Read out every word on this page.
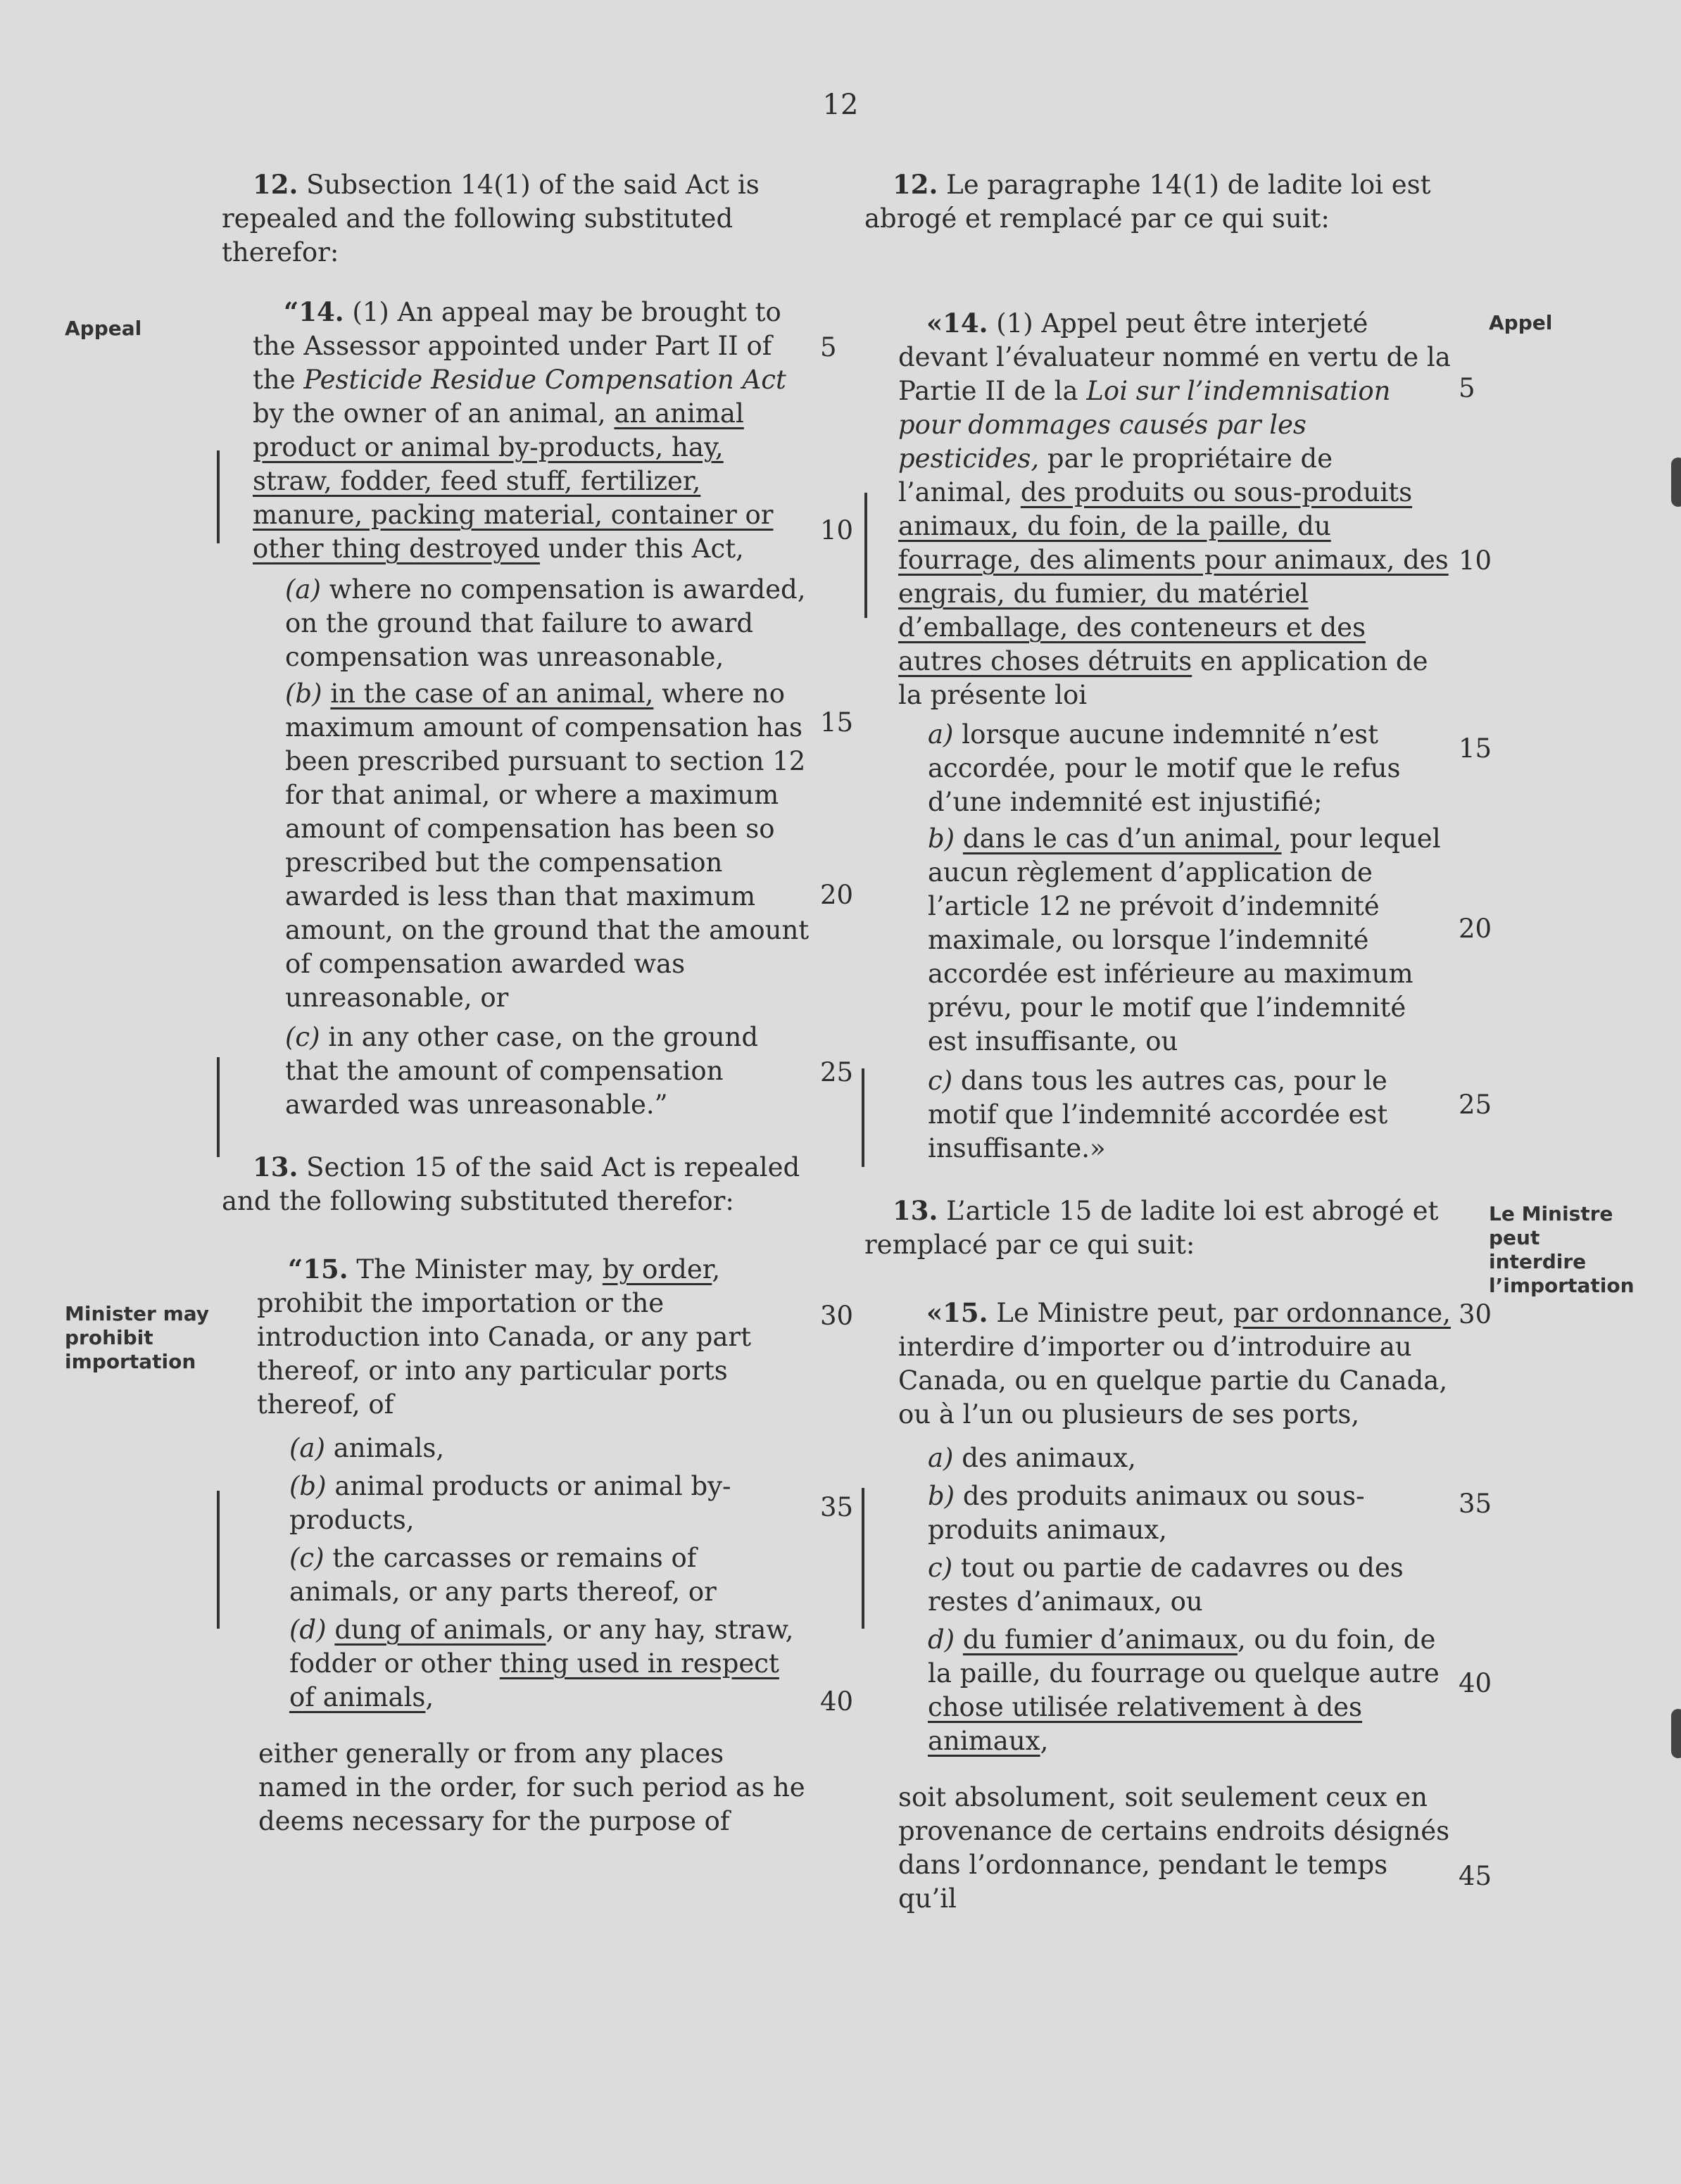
12
Appeal	Appel
Minister may prohibit importation
Le Ministre peut interdire l’importation

12. Subsection 14(1) of the said Act is repealed and the following substituted therefor:

“14. (1) An appeal may be brought to the Assessor appointed under Part II of the Pesticide Residue Compensation Act by the owner of an animal, an animal product or animal by-products, hay, straw, fodder, feed stuff, fertilizer, manure, packing material, container or other thing destroyed under this Act,

(a) where no compensation is awarded, on the ground that failure to award compensation was unreasonable,

(b) in the case of an animal, where no maximum amount of compensation has been prescribed pursuant to section 12 for that animal, or where a maximum amount of compensation has been so prescribed but the compensation awarded is less than that maximum amount, on the ground that the amount of compensation awarded was unreasonable, or

(c) in any other case, on the ground that the amount of compensation awarded was unreasonable.”

13. Section 15 of the said Act is repealed and the following substituted therefor:

“15. The Minister may, by order, prohibit the importation or the introduction into Canada, or any part thereof, or into any particular ports thereof, of

(a) animals,

(b) animal products or animal by-products,

(c) the carcasses or remains of animals, or any parts thereof, or

(d) dung of animals, or any hay, straw, fodder or other thing used in respect of animals,

either generally or from any places named in the order, for such period as he deems necessary for the purpose of

12. Le paragraphe 14(1) de ladite loi est abrogé et remplacé par ce qui suit:

«14. (1) Appel peut être interjeté devant l’évaluateur nommé en vertu de la Partie II de la Loi sur l’indemnisation pour dommages causés par les pesticides, par le propriétaire de l’animal, des produits ou sous-produits animaux, du foin, de la paille, du fourrage, des aliments pour animaux, des engrais, du fumier, du matériel d’emballage, des conteneurs et des autres choses détruits en application de la présente loi

a) lorsque aucune indemnité n’est accordée, pour le motif que le refus d’une indemnité est injustifié;

b) dans le cas d’un animal, pour lequel aucun règlement d’application de l’article 12 ne prévoit d’indemnité maximale, ou lorsque l’indemnité accordée est inférieure au maximum prévu, pour le motif que l’indemnité est insuffisante, ou

c) dans tous les autres cas, pour le motif que l’indemnité accordée est insuffisante.»

13. L’article 15 de ladite loi est abrogé et remplacé par ce qui suit:

«15. Le Ministre peut, par ordonnance, interdire d’importer ou d’introduire au Canada, ou en quelque partie du Canada, ou à l’un ou plusieurs de ses ports,

a) des animaux,

b) des produits animaux ou sous-produits animaux,

c) tout ou partie de cadavres ou des restes d’animaux, ou

d) du fumier d’animaux, ou du foin, de la paille, du fourrage ou quelque autre chose utilisée relativement à des animaux,

soit absolument, soit seulement ceux en provenance de certains endroits désignés dans l’ordonnance, pendant le temps qu’il

5
10
15
20
25
30
35
40
5
10
15
20
25
30
35
40
45
